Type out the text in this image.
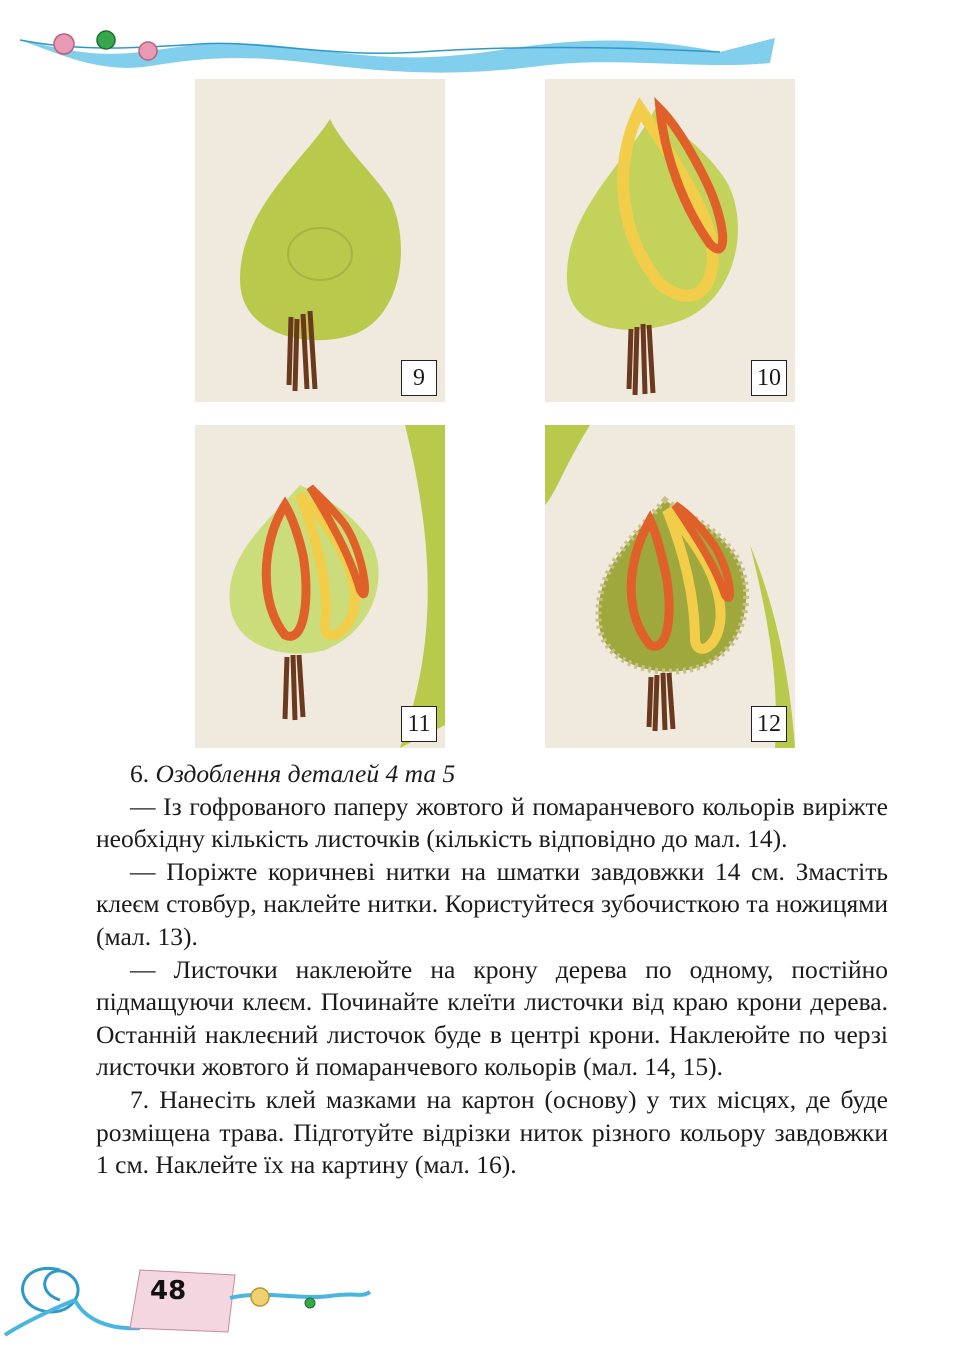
9	10
11	12

6. Оздоблення деталей 4 та 5

— Із гофрованого паперу жовтого й помаранчевого кольорів виріжте необхідну кількість листочків (кількість відповідно до мал. 14).

— Поріжте коричневі нитки на шматки завдовжки 14 см. Змастіть клеєм стовбур, наклейте нитки. Користуйтеся зубочисткою та ножицями (мал. 13).

— Листочки наклеюйте на крону дерева по одному, постійно підмащуючи клеєм. Починайте клеїти листочки від краю крони дерева. Останній наклеєний листочок буде в центрі крони. Наклеюйте по черзі листочки жовтого й помаранчевого кольорів (мал. 14, 15).

7. Нанесіть клей мазками на картон (основу) у тих місцях, де буде розміщена трава. Підготуйте відрізки ниток різного кольору завдовжки 1 см. Наклейте їх на картину (мал. 16).

48
